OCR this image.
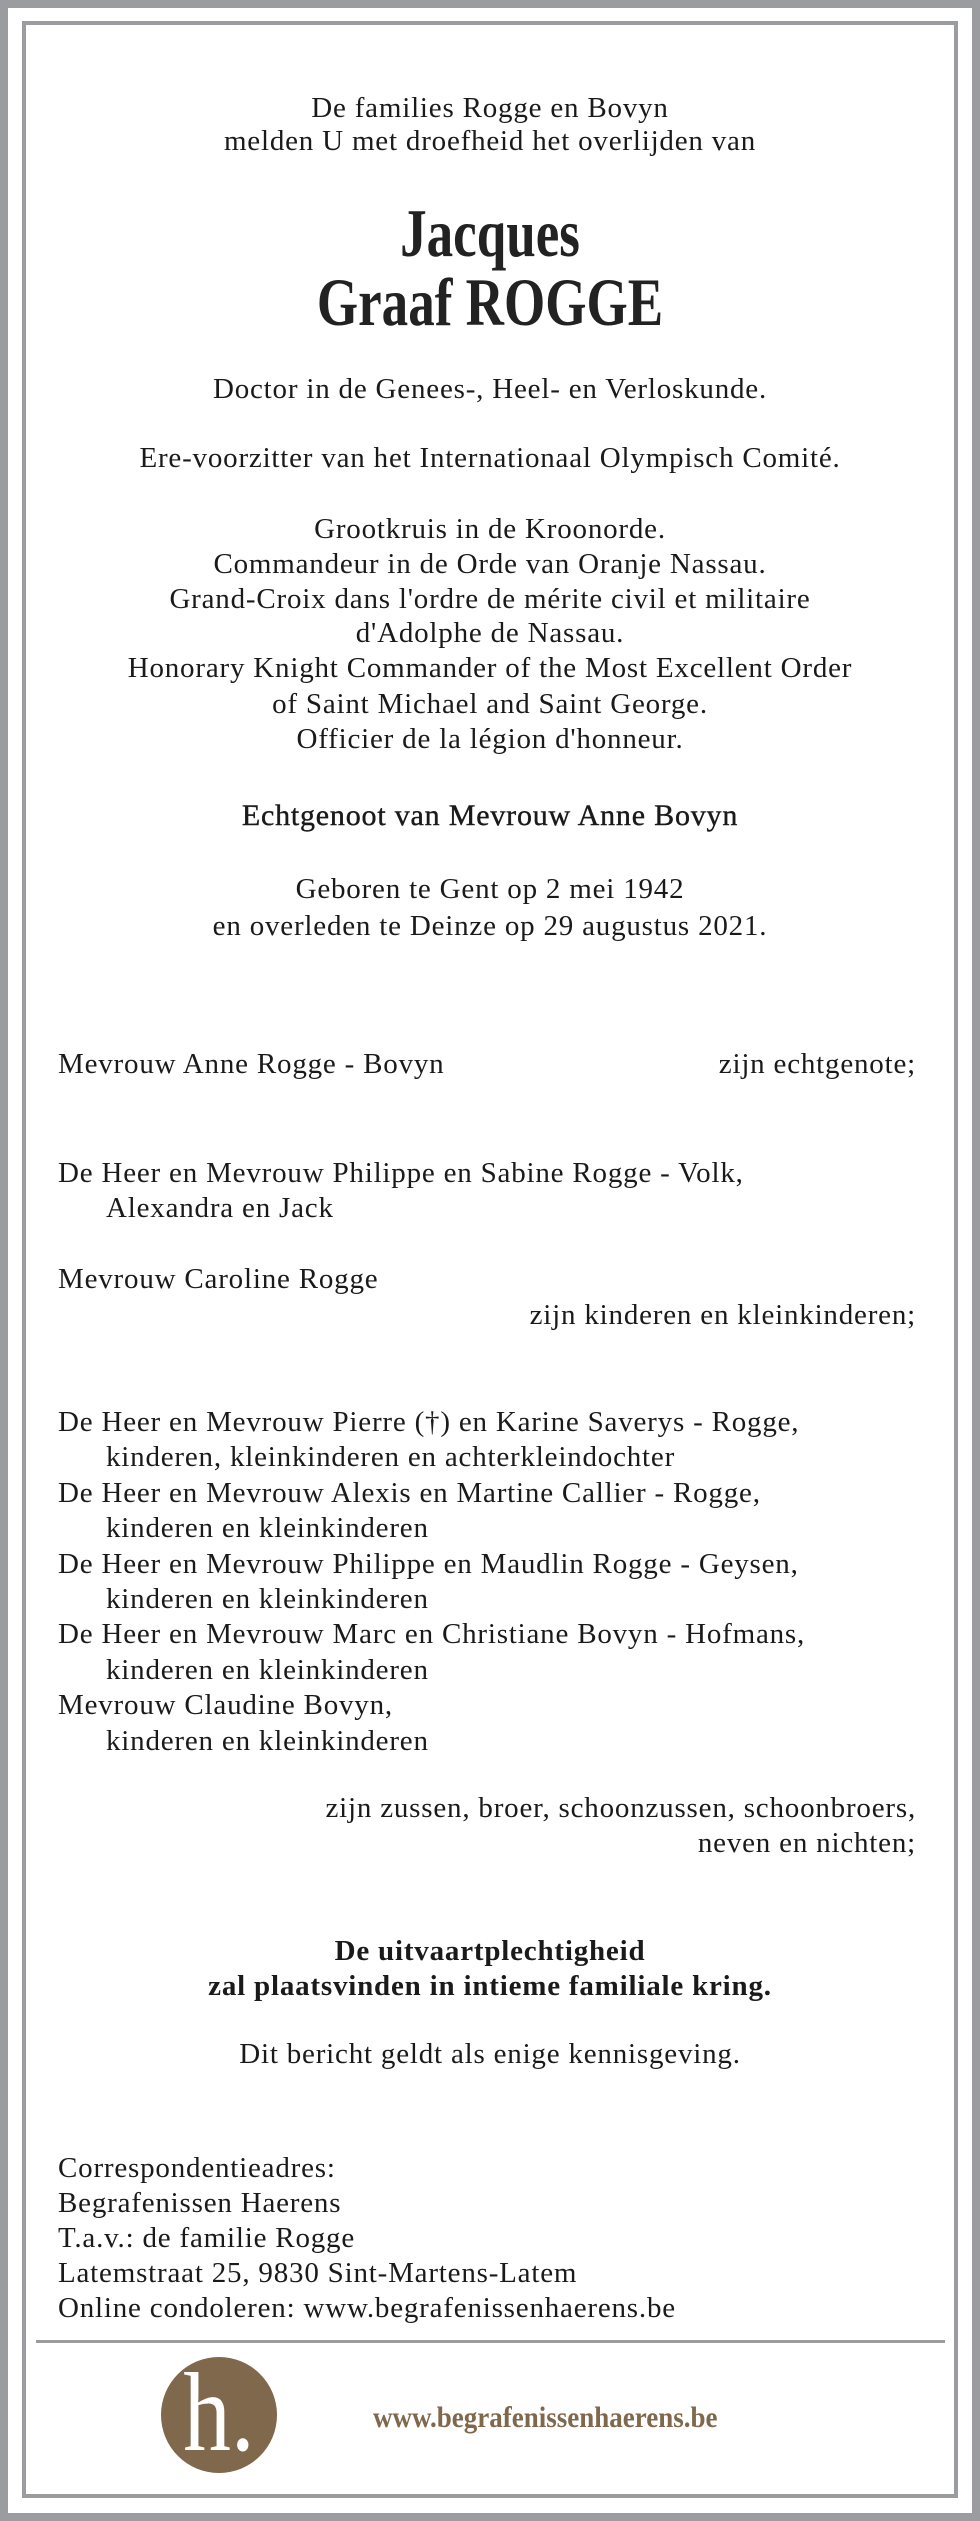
De families Rogge en Bovyn
melden U met droefheid het overlijden van
Jacques
Graaf ROGGE
Doctor in de Genees-, Heel- en Verloskunde.
Ere-voorzitter van het Internationaal Olympisch Comité.
Grootkruis in de Kroonorde.
Commandeur in de Orde van Oranje Nassau.
Grand-Croix dans l'ordre de mérite civil et militaire
d'Adolphe de Nassau.
Honorary Knight Commander of the Most Excellent Order
of Saint Michael and Saint George.
Officier de la légion d'honneur.
Echtgenoot van Mevrouw Anne Bovyn
Geboren te Gent op 2 mei 1942
en overleden te Deinze op 29 augustus 2021.
Mevrouw Anne Rogge - Bovyn	zijn echtgenote;
De Heer en Mevrouw Philippe en Sabine Rogge - Volk,
Alexandra en Jack
Mevrouw Caroline Rogge
zijn kinderen en kleinkinderen;
De Heer en Mevrouw Pierre (†) en Karine Saverys - Rogge,
kinderen, kleinkinderen en achterkleindochter
De Heer en Mevrouw Alexis en Martine Callier - Rogge,
kinderen en kleinkinderen
De Heer en Mevrouw Philippe en Maudlin Rogge - Geysen,
kinderen en kleinkinderen
De Heer en Mevrouw Marc en Christiane Bovyn - Hofmans,
kinderen en kleinkinderen
Mevrouw Claudine Bovyn,
kinderen en kleinkinderen
zijn zussen, broer, schoonzussen, schoonbroers,
neven en nichten;
De uitvaartplechtigheid
zal plaatsvinden in intieme familiale kring.
Dit bericht geldt als enige kennisgeving.
Correspondentieadres:
Begrafenissen Haerens
T.a.v.: de familie Rogge
Latemstraat 25, 9830 Sint-Martens-Latem
Online condoleren: www.begrafenissenhaerens.be
h.	www.begrafenissenhaerens.be
